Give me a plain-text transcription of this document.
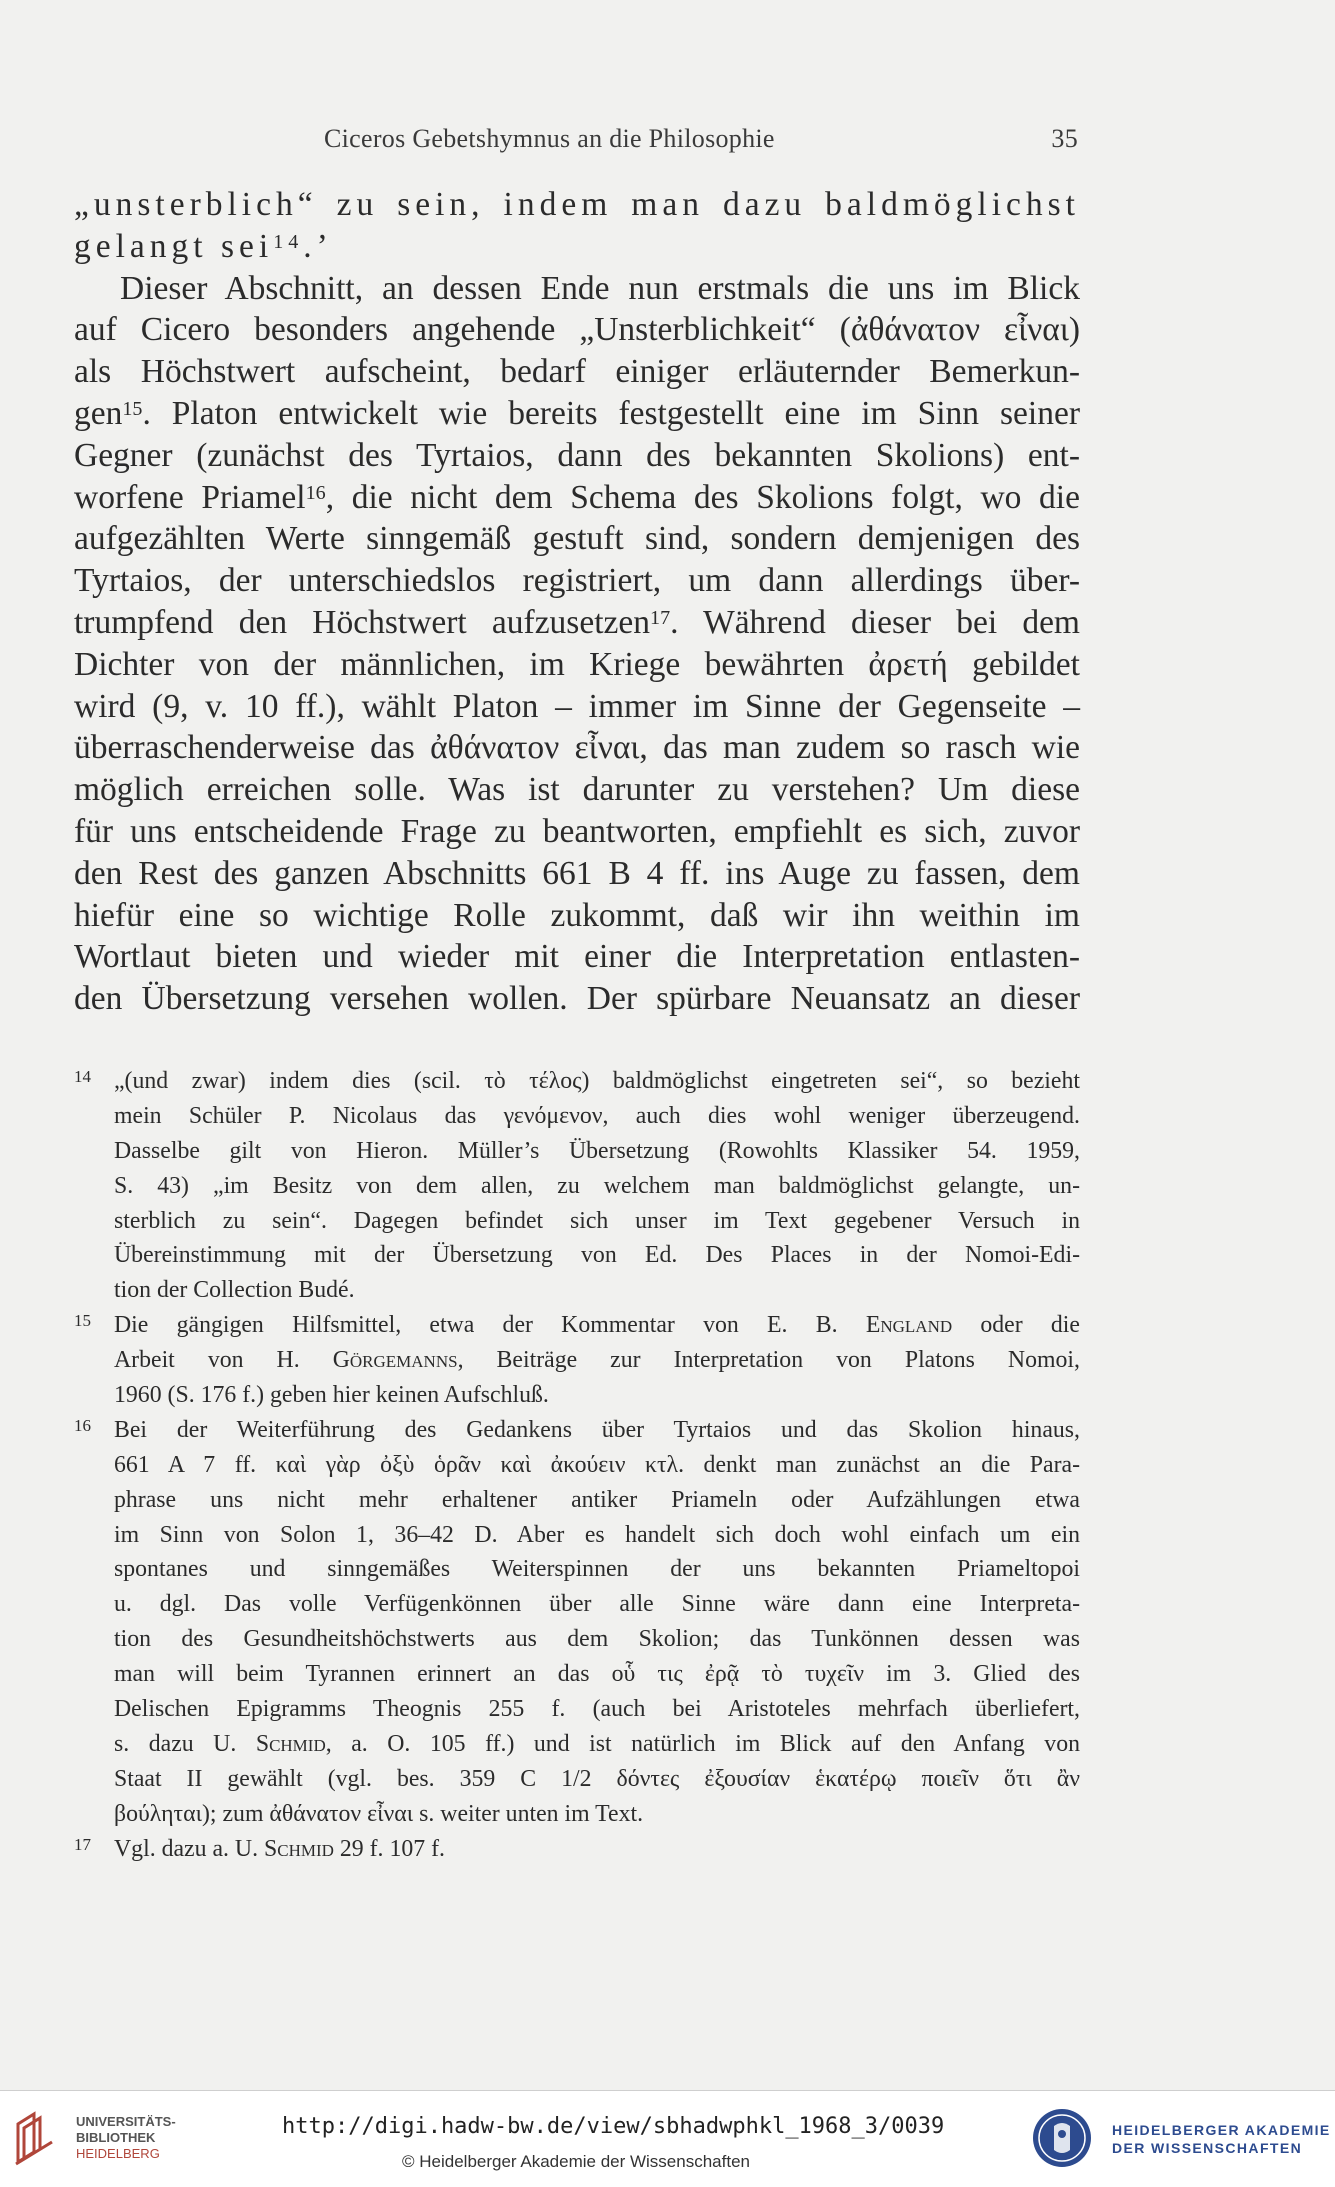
Ciceros Gebetshymnus an die Philosophie	35
„unsterblich“ zu sein, indem man dazu baldmöglichst
gelangt sei$^{14}$.’
Dieser Abschnitt, an dessen Ende nun erstmals die uns im Blick
auf Cicero besonders angehende „Unsterblichkeit“ (ἀθάνατον εἶναι)
als Höchstwert aufscheint, bedarf einiger erläuternder Bemerkun-
gen$^{15}$. Platon entwickelt wie bereits festgestellt eine im Sinn seiner
Gegner (zunächst des Tyrtaios, dann des bekannten Skolions) ent-
worfene Priamel$^{16}$, die nicht dem Schema des Skolions folgt, wo die
aufgezählten Werte sinngemäß gestuft sind, sondern demjenigen des
Tyrtaios, der unterschiedslos registriert, um dann allerdings über-
trumpfend den Höchstwert aufzusetzen$^{17}$. Während dieser bei dem
Dichter von der männlichen, im Kriege bewährten ἀρετή gebildet
wird (9, v. 10 ff.), wählt Platon – immer im Sinne der Gegenseite –
überraschenderweise das ἀθάνατον εἶναι, das man zudem so rasch wie
möglich erreichen solle. Was ist darunter zu verstehen? Um diese
für uns entscheidende Frage zu beantworten, empfiehlt es sich, zuvor
den Rest des ganzen Abschnitts 661 B 4 ff. ins Auge zu fassen, dem
hiefür eine so wichtige Rolle zukommt, daß wir ihn weithin im
Wortlaut bieten und wieder mit einer die Interpretation entlasten-
den Übersetzung versehen wollen. Der spürbare Neuansatz an dieser
14 „(und zwar) indem dies (scil. τὸ τέλος) baldmöglichst eingetreten sei“, so bezieht
mein Schüler P. Nicolaus das γενόμενον, auch dies wohl weniger überzeugend.
Dasselbe gilt von Hieron. Müller’s Übersetzung (Rowohlts Klassiker 54. 1959,
S. 43) „im Besitz von dem allen, zu welchem man baldmöglichst gelangte, un-
sterblich zu sein“. Dagegen befindet sich unser im Text gegebener Versuch in
Übereinstimmung mit der Übersetzung von Ed. Des Places in der Nomoi-Edi-
tion der Collection Budé.
15 Die gängigen Hilfsmittel, etwa der Kommentar von E. B. England oder die
Arbeit von H. Görgemanns, Beiträge zur Interpretation von Platons Nomoi,
1960 (S. 176 f.) geben hier keinen Aufschluß.
16 Bei der Weiterführung des Gedankens über Tyrtaios und das Skolion hinaus,
661 A 7 ff. καὶ γὰρ ὀξὺ ὁρᾶν καὶ ἀκούειν κτλ. denkt man zunächst an die Para-
phrase uns nicht mehr erhaltener antiker Priameln oder Aufzählungen etwa
im Sinn von Solon 1, 36–42 D. Aber es handelt sich doch wohl einfach um ein
spontanes und sinngemäßes Weiterspinnen der uns bekannten Priameltopoi
u. dgl. Das volle Verfügenkönnen über alle Sinne wäre dann eine Interpreta-
tion des Gesundheitshöchstwerts aus dem Skolion; das Tunkönnen dessen was
man will beim Tyrannen erinnert an das οὗ τις ἐρᾷ τὸ τυχεῖν im 3. Glied des
Delischen Epigramms Theognis 255 f. (auch bei Aristoteles mehrfach überliefert,
s. dazu U. Schmid, a. O. 105 ff.) und ist natürlich im Blick auf den Anfang von
Staat II gewählt (vgl. bes. 359 C 1/2 δόντες ἐξουσίαν ἑκατέρῳ ποιεῖν ὅτι ἂν
βούληται); zum ἀθάνατον εἶναι s. weiter unten im Text.
17 Vgl. dazu a. U. Schmid 29 f. 107 f.
UNIVERSITÄTS-
BIBLIOTHEK
HEIDELBERG
http://digi.hadw-bw.de/view/sbhadwphkl_1968_3/0039
© Heidelberger Akademie der Wissenschaften
HEIDELBERGER AKADEMIE
DER WISSENSCHAFTEN
